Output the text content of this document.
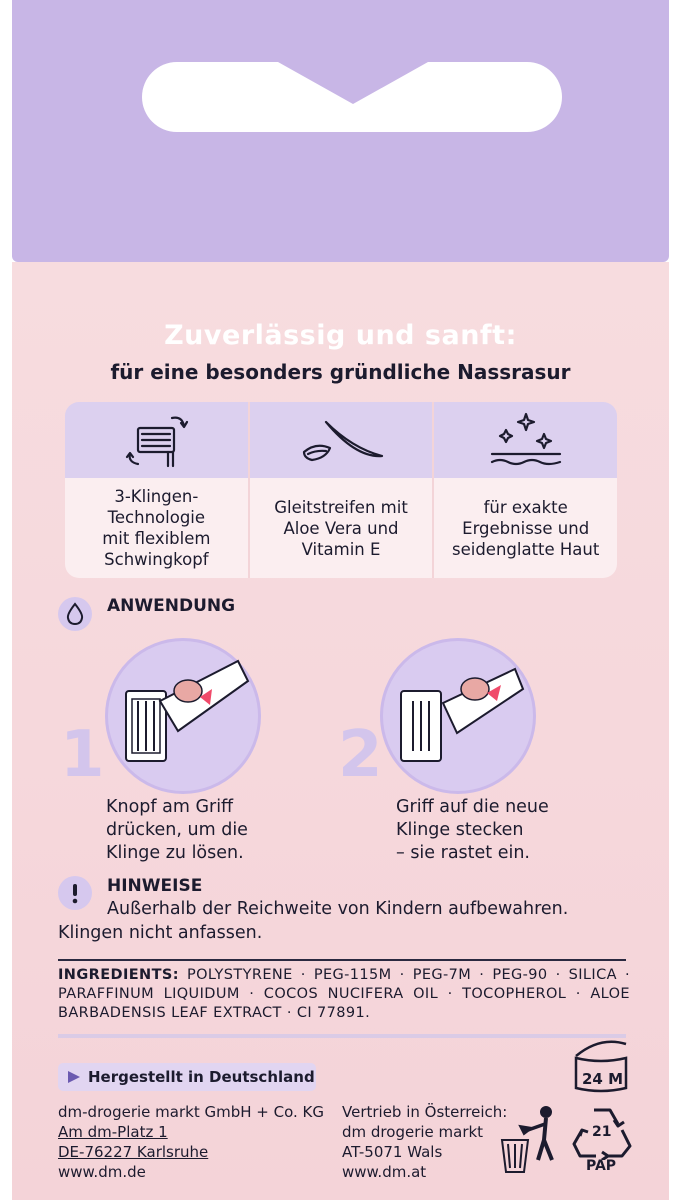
Zuverlässig und sanft:
für eine besonders gründliche Nassrasur
3-Klingen-
Technologie
mit flexiblem
Schwingkopf
Gleitstreifen mit
Aloe Vera und
Vitamin E
für exakte
Ergebnisse und
seidenglatte Haut
ANWENDUNG
1
Knopf am Griff
drücken, um die
Klinge zu lösen.
2
Griff auf die neue
Klinge stecken
– sie rastet ein.
HINWEISE
Außerhalb der Reichweite von Kindern aufbewahren.
Klingen nicht anfassen.
INGREDIENTS: POLYSTYRENE · PEG-115M · PEG-7M · PEG-90 · SILICA · PARAFFINUM LIQUIDUM · COCOS NUCIFERA OIL · TOCOPHEROL · ALOE BARBADENSIS LEAF EXTRACT · CI 77891.
Hergestellt in Deutschland
dm-drogerie markt GmbH + Co. KG
Am dm-Platz 1
DE-76227 Karlsruhe
www.dm.de
Vertrieb in Österreich:
dm drogerie markt
AT-5071 Wals
www.dm.at
24 M
21
PAP
